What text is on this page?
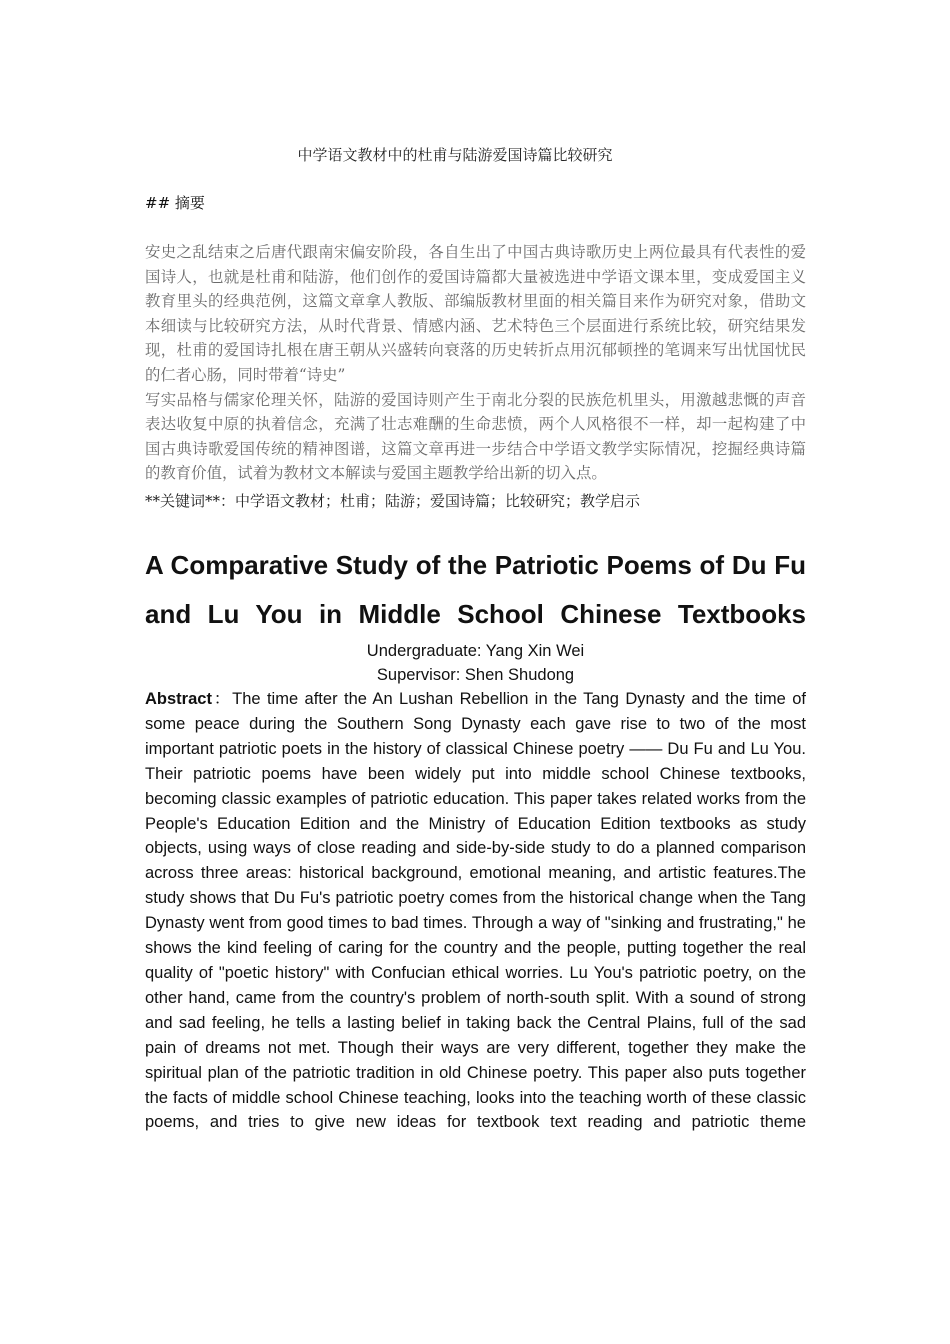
中学语文教材中的杜甫与陆游爱国诗篇比较研究
## 摘要

安史之乱结束之后唐代跟南宋偏安阶段，各自生出了中国古典诗歌历史上两位最具有代表性的爱国诗人，也就是杜甫和陆游，他们创作的爱国诗篇都大量被选进中学语文课本里，变成爱国主义教育里头的经典范例，这篇文章拿人教版、部编版教材里面的相关篇目来作为研究对象，借助文本细读与比较研究方法，从时代背景、情感内涵、艺术特色三个层面进行系统比较，研究结果发现，杜甫的爱国诗扎根在唐王朝从兴盛转向衰落的历史转折点用沉郁顿挫的笔调来写出忧国忧民的仁者心肠，同时带着“诗史”

写实品格与儒家伦理关怀，陆游的爱国诗则产生于南北分裂的民族危机里头，用激越悲慨的声音表达收复中原的执着信念，充满了壮志难酬的生命悲愤，两个人风格很不一样，却一起构建了中国古典诗歌爱国传统的精神图谱，这篇文章再进一步结合中学语文教学实际情况，挖掘经典诗篇的教育价值，试着为教材文本解读与爱国主题教学给出新的切入点。

**关键词**：中学语文教材；杜甫；陆游；爱国诗篇；比较研究；教学启示
A Comparative Study of the Patriotic Poems of Du Fu and Lu You in Middle School Chinese Textbooks
Undergraduate: Yang Xin Wei
Supervisor: Shen Shudong
Abstract：The time after the An Lushan Rebellion in the Tang Dynasty and the time of some peace during the Southern Song Dynasty each gave rise to two of the most important patriotic poets in the history of classical Chinese poetry —— Du Fu and Lu You. Their patriotic poems have been widely put into middle school Chinese textbooks, becoming classic examples of patriotic education. This paper takes related works from the People's Education Edition and the Ministry of Education Edition textbooks as study objects, using ways of close reading and side-by-side study to do a planned comparison across three areas: historical background, emotional meaning, and artistic features.The study shows that Du Fu's patriotic poetry comes from the historical change when the Tang Dynasty went from good times to bad times. Through a way of "sinking and frustrating," he shows the kind feeling of caring for the country and the people, putting together the real quality of "poetic history" with Confucian ethical worries. Lu You's patriotic poetry, on the other hand, came from the country's problem of north-south split. With a sound of strong and sad feeling, he tells a lasting belief in taking back the Central Plains, full of the sad pain of dreams not met. Though their ways are very different, together they make the spiritual plan of the patriotic tradition in old Chinese poetry. This paper also puts together the facts of middle school Chinese teaching, looks into the teaching worth of these classic poems, and tries to give new ideas for textbook text reading and patriotic theme
